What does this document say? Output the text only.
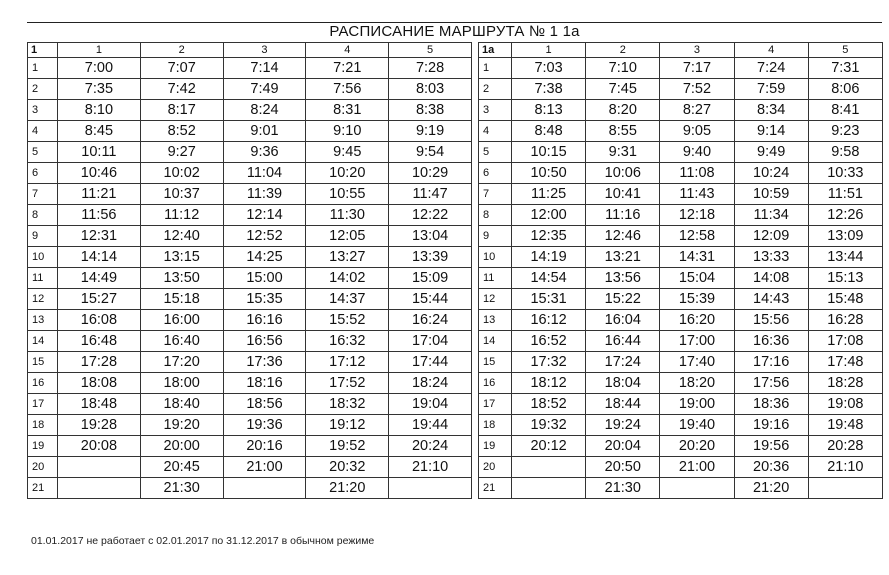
РАСПИСАНИЕ МАРШРУТА № 1 1а
1	1	2	3	4	5
1	7:00	7:07	7:14	7:21	7:28
2	7:35	7:42	7:49	7:56	8:03
3	8:10	8:17	8:24	8:31	8:38
4	8:45	8:52	9:01	9:10	9:19
5	10:11	9:27	9:36	9:45	9:54
6	10:46	10:02	11:04	10:20	10:29
7	11:21	10:37	11:39	10:55	11:47
8	11:56	11:12	12:14	11:30	12:22
9	12:31	12:40	12:52	12:05	13:04
10	14:14	13:15	14:25	13:27	13:39
11	14:49	13:50	15:00	14:02	15:09
12	15:27	15:18	15:35	14:37	15:44
13	16:08	16:00	16:16	15:52	16:24
14	16:48	16:40	16:56	16:32	17:04
15	17:28	17:20	17:36	17:12	17:44
16	18:08	18:00	18:16	17:52	18:24
17	18:48	18:40	18:56	18:32	19:04
18	19:28	19:20	19:36	19:12	19:44
19	20:08	20:00	20:16	19:52	20:24
20		20:45	21:00	20:32	21:10
21		21:30		21:20	
1а	1	2	3	4	5
1	7:03	7:10	7:17	7:24	7:31
2	7:38	7:45	7:52	7:59	8:06
3	8:13	8:20	8:27	8:34	8:41
4	8:48	8:55	9:05	9:14	9:23
5	10:15	9:31	9:40	9:49	9:58
6	10:50	10:06	11:08	10:24	10:33
7	11:25	10:41	11:43	10:59	11:51
8	12:00	11:16	12:18	11:34	12:26
9	12:35	12:46	12:58	12:09	13:09
10	14:19	13:21	14:31	13:33	13:44
11	14:54	13:56	15:04	14:08	15:13
12	15:31	15:22	15:39	14:43	15:48
13	16:12	16:04	16:20	15:56	16:28
14	16:52	16:44	17:00	16:36	17:08
15	17:32	17:24	17:40	17:16	17:48
16	18:12	18:04	18:20	17:56	18:28
17	18:52	18:44	19:00	18:36	19:08
18	19:32	19:24	19:40	19:16	19:48
19	20:12	20:04	20:20	19:56	20:28
20		20:50	21:00	20:36	21:10
21		21:30		21:20	
01.01.2017 не работает с 02.01.2017 по 31.12.2017 в обычном режиме
